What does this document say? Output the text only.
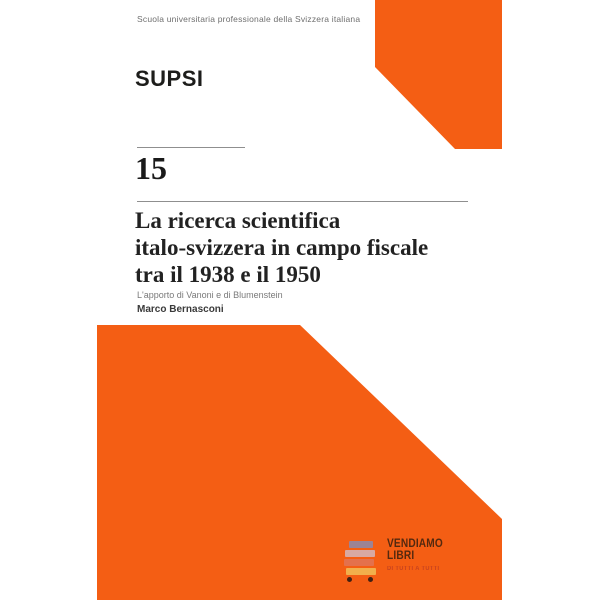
Scuola universitaria professionale della Svizzera italiana
SUPSI
15
La ricerca scientifica
italo-svizzera in campo fiscale
tra il 1938 e il 1950
L'apporto di Vanoni e di Blumenstein
Marco Bernasconi
VENDIAMO
LIBRI
DI TUTTI A TUTTI
